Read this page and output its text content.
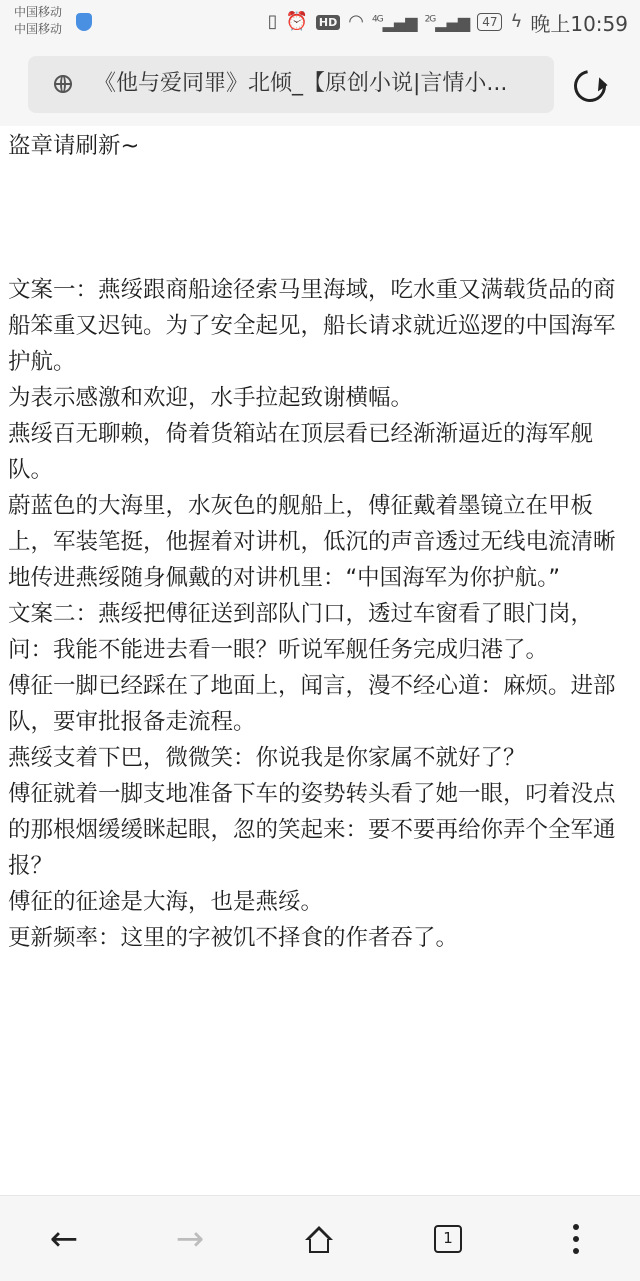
中国移动
中国移动	▯ ⏰ HD ◠ $^{4G}$▂▄▆ $^{2G}$▂▄▆	47 ϟ 晚上10:59
《他与爱同罪》北倾_【原创小说|言情小...

盗章请刷新~

文案一：燕绥跟商船途径索马里海域，吃水重又满载货品的商船笨重又迟钝。为了安全起见，船长请求就近巡逻的中国海军护航。

为表示感激和欢迎，水手拉起致谢横幅。

燕绥百无聊赖，倚着货箱站在顶层看已经渐渐逼近的海军舰队。

蔚蓝色的大海里，水灰色的舰船上，傅征戴着墨镜立在甲板上，军装笔挺，他握着对讲机，低沉的声音透过无线电流清晰地传进燕绥随身佩戴的对讲机里：“中国海军为你护航。”

文案二：燕绥把傅征送到部队门口，透过车窗看了眼门岗，问：我能不能进去看一眼？听说军舰任务完成归港了。

傅征一脚已经踩在了地面上，闻言，漫不经心道：麻烦。进部队，要审批报备走流程。

燕绥支着下巴，微微笑：你说我是你家属不就好了？

傅征就着一脚支地准备下车的姿势转头看了她一眼，叼着没点的那根烟缓缓眯起眼，忽的笑起来：要不要再给你弄个全军通报？

傅征的征途是大海，也是燕绥。

更新频率：这里的字被饥不择食的作者吞了。

←	→	1
